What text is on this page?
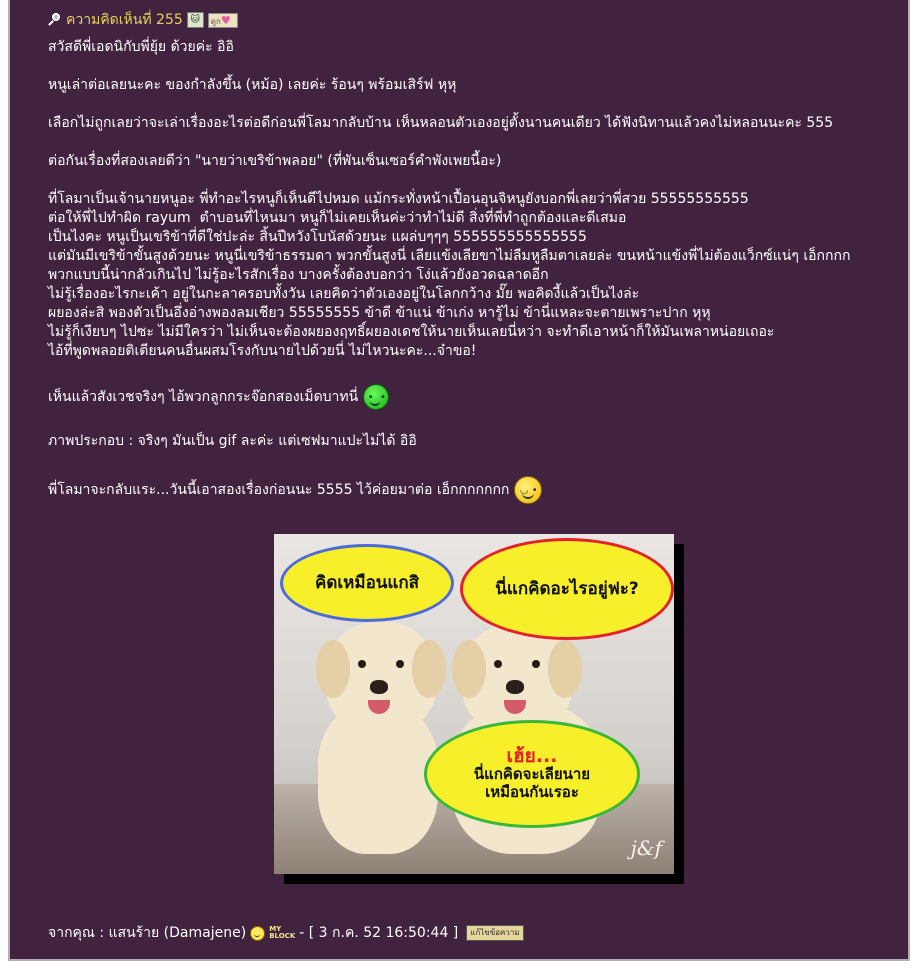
ความคิดเห็นที่ 255 🐱	ดูก♥

สวัสดีพี่เอดนิกับพี่ยุ้ย ด้วยค่ะ อิอิ

หนูเล่าต่อเลยนะคะ ของกำลังขึ้น (หม้อ) เลยค่ะ ร้อนๆ พร้อมเสิร์ฟ หุหุ

เลือกไม่ถูกเลยว่าจะเล่าเรื่องอะไรต่อดีก่อนพี่โลมากลับบ้าน เห็นหลอนตัวเองอยู่ตั้งนานคนเดียว ได้ฟังนิทานแล้วคงไม่หลอนนะคะ 555

ต่อกันเรื่องที่สองเลยดีว่า "นายว่าเขริข้าพลอย" (ที่พันเซ็นเซอร์คำพังเพยนี้อะ)

ที่โลมาเป็นเจ้านายหนูอะ พี่ทำอะไรหนูก็เห็นดีไปหมด แม้กระทั่งหน้าเปื้อนอุนจิหนูยังบอกพี่เลยว่าพี่สวย 55555555555

ต่อให้พี่ไปทำผิด rayum  ตำบอนที่ไหนมา หนูก็ไม่เคยเห็นค่ะว่าทำไม่ดี สิ่งที่พี่ทำถูกต้องและดีเสมอ

เป็นไงคะ หนูเป็นเขริข้าที่ดีใช่ปะล่ะ สิ้นปีหวังโบนัสด้วยนะ แผล่บๆๆๆ 555555555555555

แต่มันมีเขริข้าขั้นสูงด้วยนะ หนูนี่เขริข้าธรรมดา พวกขั้นสูงนี่ เลียแข้งเลียขาไม่ลืมหูลืมตาเลยล่ะ ขนหน้าแข้งพี่ไม่ต้องแว็กซ์แน่ๆ เอ็กกกก

พวกแบบนี้น่ากลัวเกินไป ไม่รู้อะไรสักเรื่อง บางครั้งต้องบอกว่า โง่แล้วยังอวดฉลาดอีก

ไม่รู้เรื่องอะไรกะเค้า อยู่ในกะลาครอบทั้งวัน เลยคิดว่าตัวเองอยู่ในโลกกว้าง มั๊ย พอคิดงี้แล้วเป็นไงล่ะ

ผยองล่ะสิ พองตัวเป็นอึ่งอ่างพองลมเชียว 55555555 ข้าดี ข้าแน่ ข้าเก่ง หารู้ไม่ ข้านี่แหละจะตายเพราะปาก หุหุ

ไม่รู้ก็เงียบๆ ไปซะ ไม่มีใครว่า ไม่เห็นจะต้องผยองฤทธิ์ผยองเดชให้นายเห็นเลยนี่หว่า จะทำดีเอาหน้าก็ให้มันเพลาหน่อยเถอะ

ไอ้ที่พูดพลอยติเตียนคนอื่นผสมโรงกับนายไปด้วยนี่ ไม่ไหวนะคะ...จ๋าขอ!

เห็นแล้วสังเวชจริงๆ ไอ้พวกลูกกระจ๊อกสองเม็ดบาทนี่ •  •

ภาพประกอบ : จริงๆ มันเป็น gif ละค่ะ แต่เซฟมาแปะไม่ได้ อิอิ

พี่โลมาจะกลับแระ...วันนี้เอาสองเรื่องก่อนนะ 5555 ไว้ค่อยมาต่อ เอ็กกกกกกก ◡ •

คิดเหมือนแกสิ	นี่แกคิดอะไรอยู่ฟะ?
เฮ้ย...
นี่แกคิดจะเลียนาย
เหมือนกันเรอะ
j&f
จากคุณ : แสนร้าย (Damajene)	MY
BLOCK - [ 3 ก.ค. 52 16:50:44 ]	แก้ไขข้อความ
